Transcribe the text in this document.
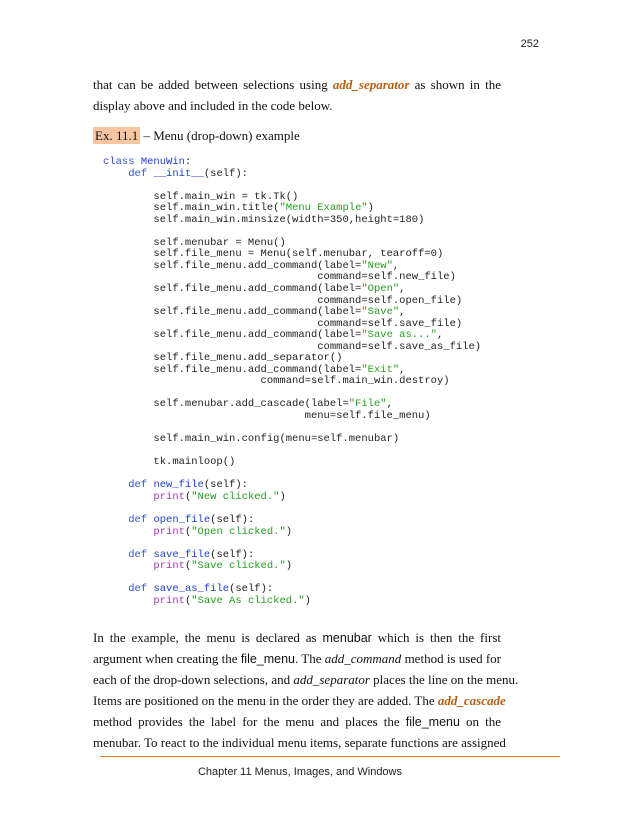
252
that can be added between selections using add_separator as shown in the
display above and included in the code below.
Ex. 11.1 – Menu (drop-down) example
class MenuWin:
def __init__(self):

self.main_win = tk.Tk()
self.main_win.title("Menu Example")
self.main_win.minsize(width=350,height=180)

self.menubar = Menu()
self.file_menu = Menu(self.menubar, tearoff=0)
self.file_menu.add_command(label="New",
command=self.new_file)
self.file_menu.add_command(label="Open",
command=self.open_file)
self.file_menu.add_command(label="Save",
command=self.save_file)
self.file_menu.add_command(label="Save as...",
command=self.save_as_file)
self.file_menu.add_separator()
self.file_menu.add_command(label="Exit",
command=self.main_win.destroy)

self.menubar.add_cascade(label="File",
menu=self.file_menu)

self.main_win.config(menu=self.menubar)

tk.mainloop()

def new_file(self):
print("New clicked.")

def open_file(self):
print("Open clicked.")

def save_file(self):
print("Save clicked.")

def save_as_file(self):
print("Save As clicked.")
In the example, the menu is declared as menubar which is then the first
argument when creating the file_menu. The add_command method is used for
each of the drop-down selections, and add_separator places the line on the menu.
Items are positioned on the menu in the order they are added. The add_cascade
method provides the label for the menu and places the file_menu on the
menubar. To react to the individual menu items, separate functions are assigned
Chapter 11 Menus, Images, and Windows
